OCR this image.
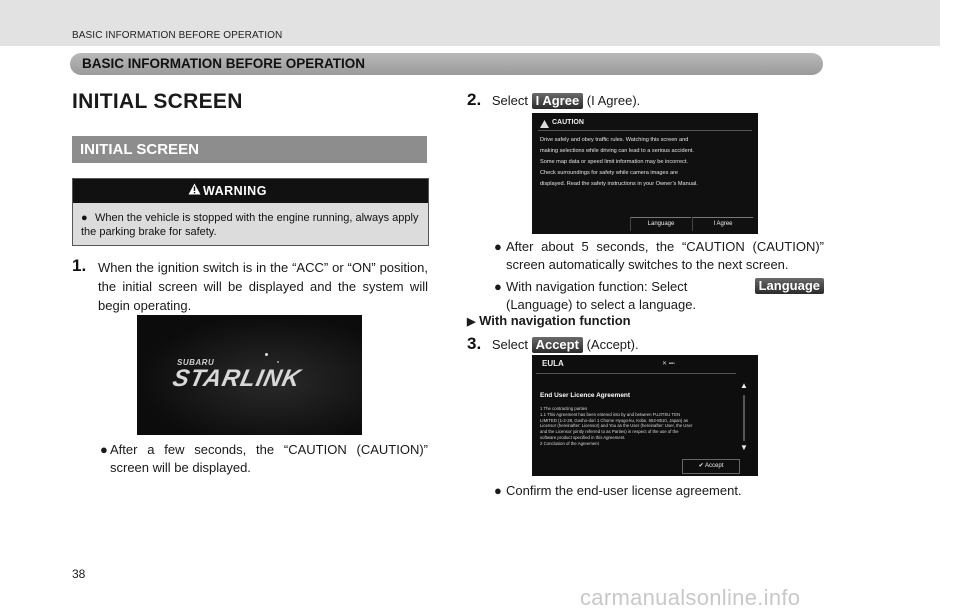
BASIC INFORMATION BEFORE OPERATION
BASIC INFORMATION BEFORE OPERATION
INITIAL SCREEN
INITIAL SCREEN
WARNING
● When the vehicle is stopped with the engine running, always apply the parking brake for safety.
1. When the ignition switch is in the “ACC” or “ON” position, the initial screen will be displayed and the system will begin operating.
SUBARU
STARLINK
● After a few seconds, the “CAUTION (CAUTION)” screen will be displayed.
2. Select I Agree (I Agree).
CAUTION
Drive safely and obey traffic rules. Watching this screen and
making selections while driving can lead to a serious accident.
Some map data or speed limit information may be incorrect.
Check surroundings for safety while camera images are
displayed. Read the safety instructions in your Owner’s Manual.
Language	I Agree
● After about 5 seconds, the “CAUTION (CAUTION)” screen automatically switches to the next screen.
● With navigation function: Select	Language

(Language) to select a language.
▶ With navigation function
3. Select Accept (Accept).
EULA	✕ ▪▪▫
End User Licence Agreement
1 The contracting parties
1.1 This Agreement has been entered into by and between FUJITSU TEN
LIMITED (1-2-28, Gosho-dori 1 Chome Hyogo-ku, Kobe, 652-8510, Japan) as
Licensor (hereinafter: Licensor) and You as the User (hereinafter: User, the User
and the Licensor jointly referred to as Parties) in respect of the use of the
software product specified in this Agreement.
2 Conclusion of the Agreement
▲
▼
✔ Accept
● Confirm the end-user license agreement.
38
carmanualsonline.info
